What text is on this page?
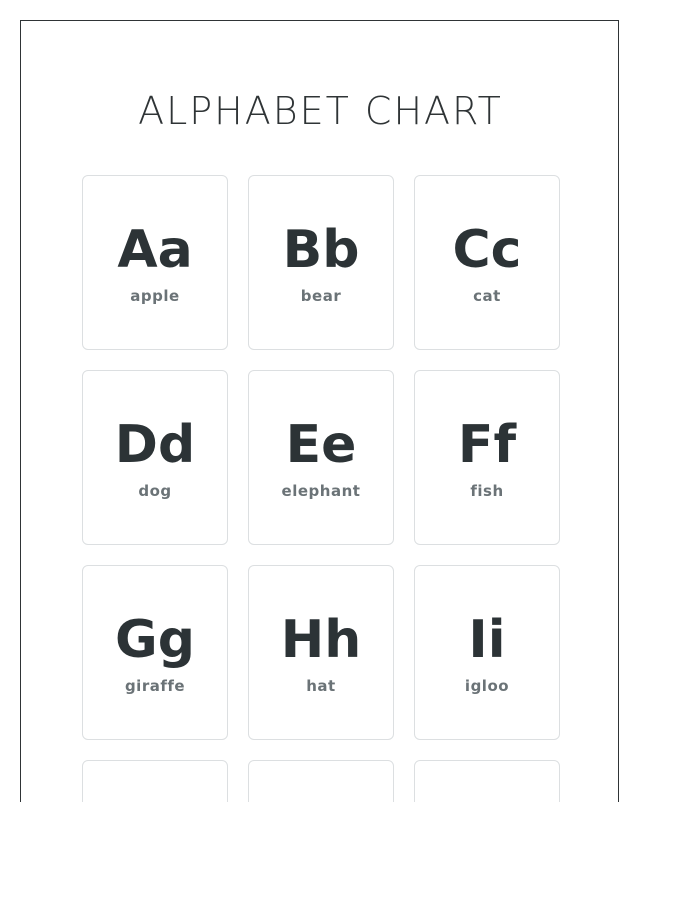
ALPHABET CHART
Aa
apple
Bb
bear
Cc
cat
Dd
dog
Ee
elephant
Ff
fish
Gg
giraffe
Hh
hat
Ii
igloo
